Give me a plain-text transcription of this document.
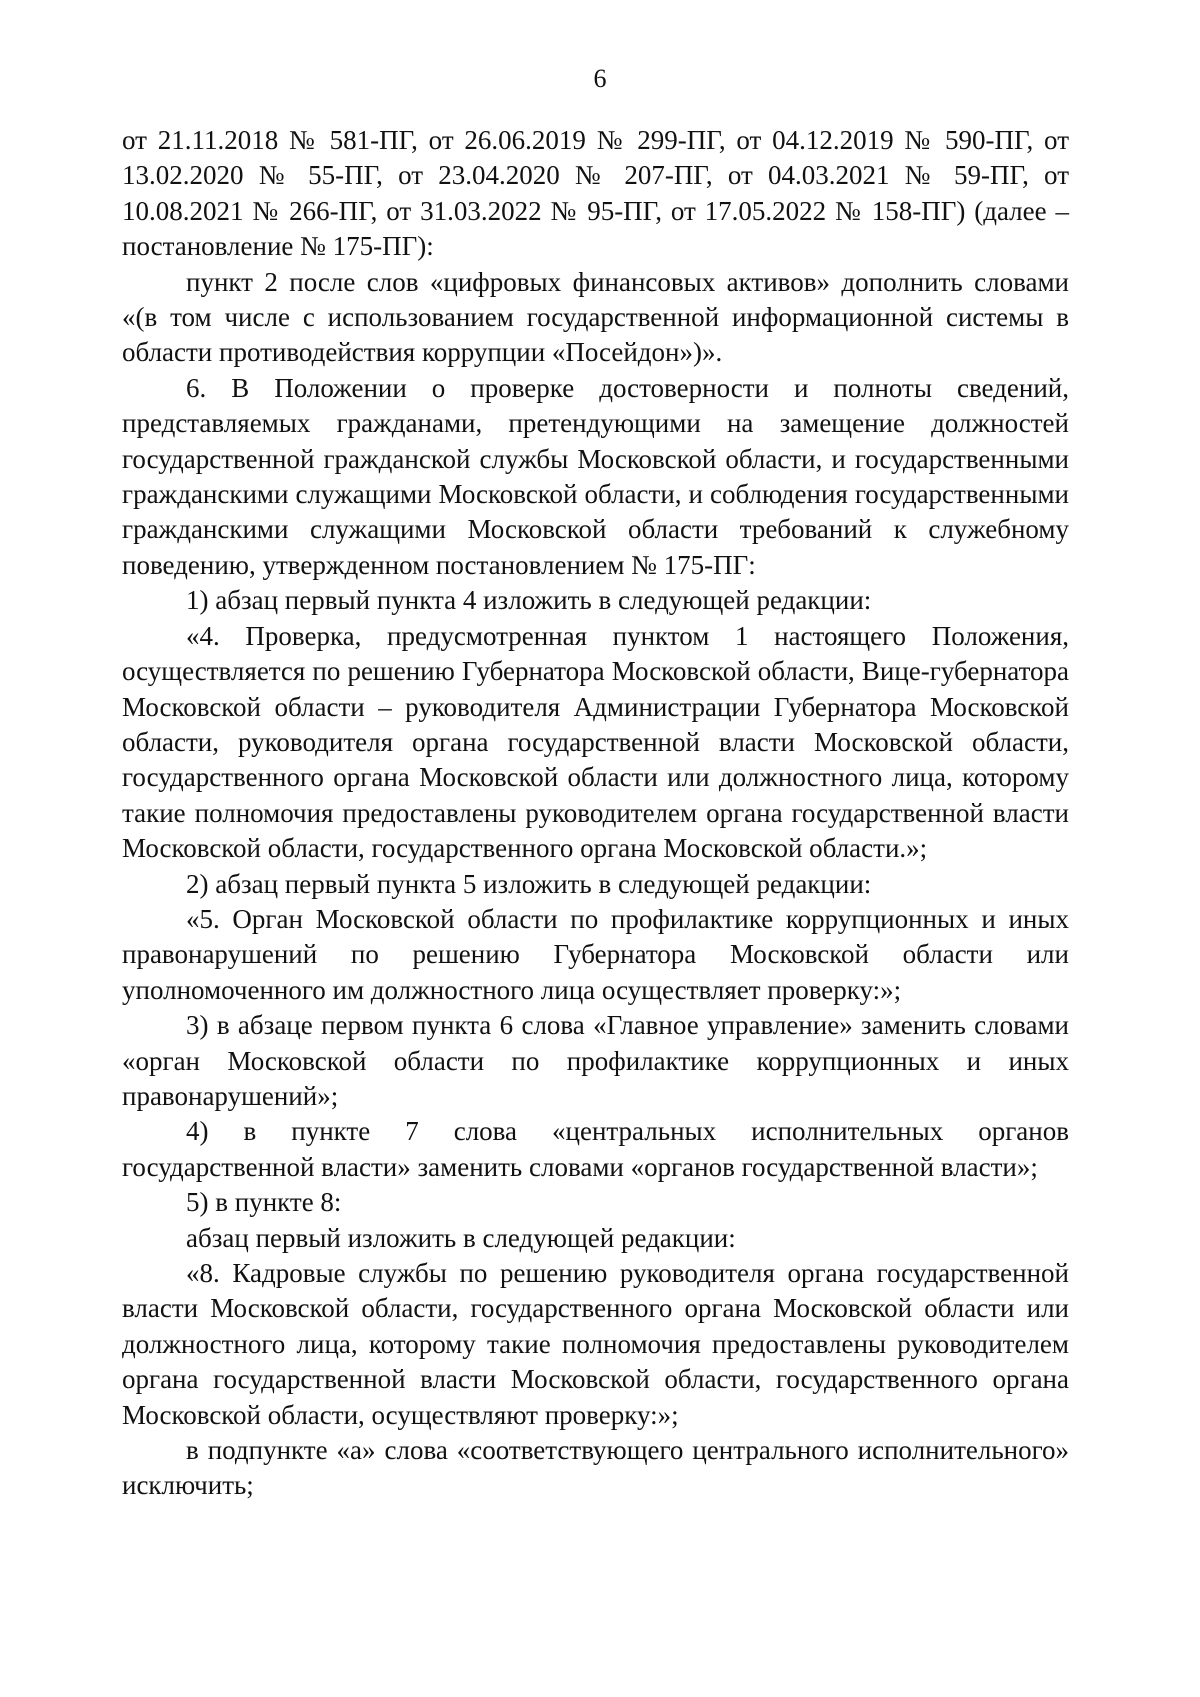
6

от 21.11.2018 № 581-ПГ, от 26.06.2019 № 299-ПГ, от 04.12.2019 № 590-ПГ, от 13.02.2020 № 55-ПГ, от 23.04.2020 № 207-ПГ, от 04.03.2021 № 59-ПГ, от 10.08.2021 № 266-ПГ, от 31.03.2022 № 95-ПГ, от 17.05.2022 № 158-ПГ) (далее – постановление № 175-ПГ):

пункт 2 после слов «цифровых финансовых активов» дополнить словами «(в том числе с использованием государственной информационной системы в области противодействия коррупции «Посейдон»)».

6. В Положении о проверке достоверности и полноты сведений, представляемых гражданами, претендующими на замещение должностей государственной гражданской службы Московской области, и государственными гражданскими служащими Московской области, и соблюдения государственными гражданскими служащими Московской области требований к служебному поведению, утвержденном постановлением № 175-ПГ:

1) абзац первый пункта 4 изложить в следующей редакции:

«4. Проверка, предусмотренная пунктом 1 настоящего Положения, осуществляется по решению Губернатора Московской области, Вице-губернатора Московской области – руководителя Администрации Губернатора Московской области, руководителя органа государственной власти Московской области, государственного органа Московской области или должностного лица, которому такие полномочия предоставлены руководителем органа государственной власти Московской области, государственного органа Московской области.»;

2) абзац первый пункта 5 изложить в следующей редакции:

«5. Орган Московской области по профилактике коррупционных и иных правонарушений по решению Губернатора Московской области или уполномоченного им должностного лица осуществляет проверку:»;

3) в абзаце первом пункта 6 слова «Главное управление» заменить словами «орган Московской области по профилактике коррупционных и иных правонарушений»;

4) в пункте 7 слова «центральных исполнительных органов государственной власти» заменить словами «органов государственной власти»;

5) в пункте 8:

абзац первый изложить в следующей редакции:

«8. Кадровые службы по решению руководителя органа государственной власти Московской области, государственного органа Московской области или должностного лица, которому такие полномочия предоставлены руководителем органа государственной власти Московской области, государственного органа Московской области, осуществляют проверку:»;

в подпункте «а» слова «соответствующего центрального исполнительного» исключить;
